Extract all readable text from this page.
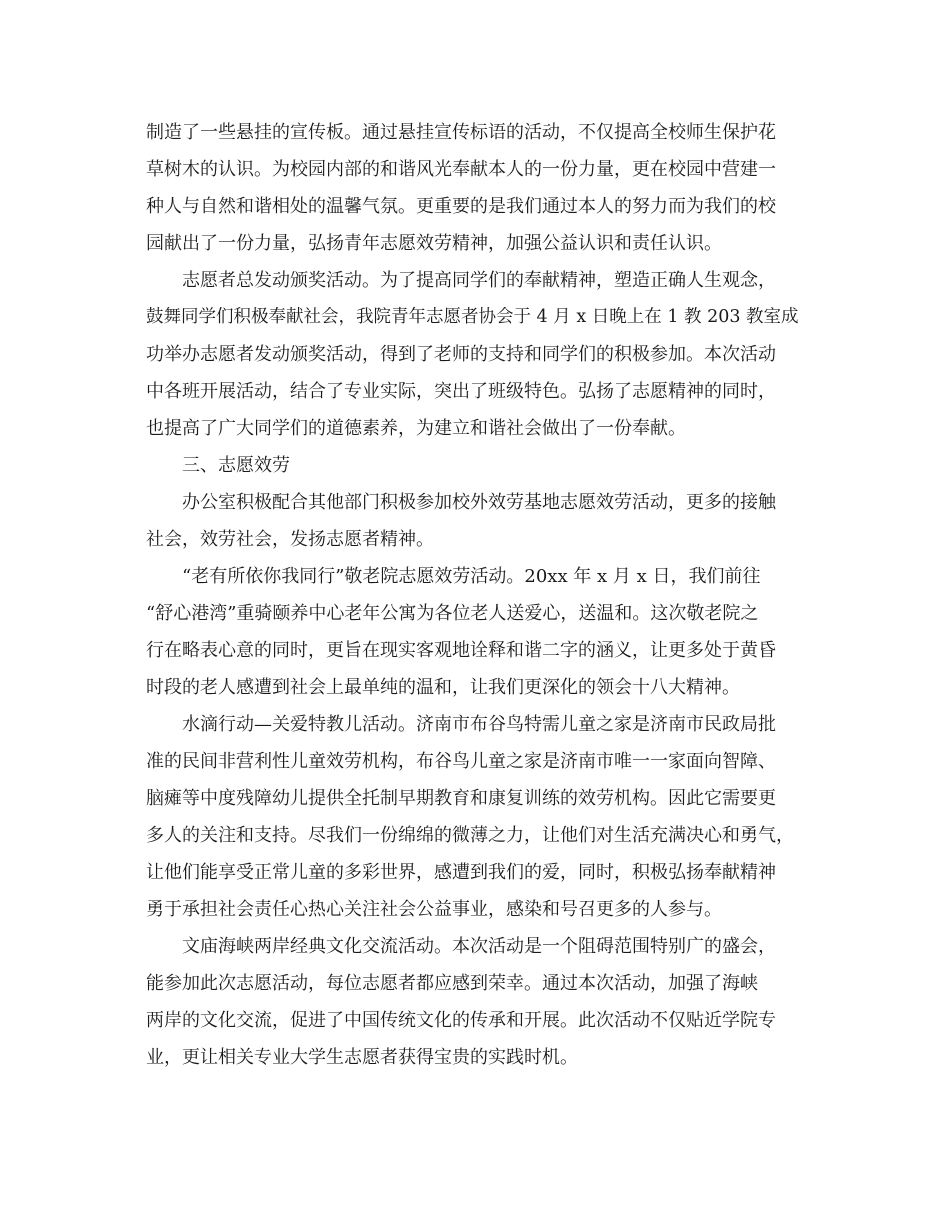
制造了一些悬挂的宣传板。通过悬挂宣传标语的活动，不仅提高全校师生保护花
草树木的认识。为校园内部的和谐风光奉献本人的一份力量，更在校园中营建一
种人与自然和谐相处的温馨气氛。更重要的是我们通过本人的努力而为我们的校
园献出了一份力量，弘扬青年志愿效劳精神，加强公益认识和责任认识。
志愿者总发动颁奖活动。为了提高同学们的奉献精神，塑造正确人生观念，
鼓舞同学们积极奉献社会，我院青年志愿者协会于 4 月 x 日晚上在 1 教 203 教室成
功举办志愿者发动颁奖活动，得到了老师的支持和同学们的积极参加。本次活动
中各班开展活动，结合了专业实际，突出了班级特色。弘扬了志愿精神的同时，
也提高了广大同学们的道德素养，为建立和谐社会做出了一份奉献。
三、志愿效劳
办公室积极配合其他部门积极参加校外效劳基地志愿效劳活动，更多的接触
社会，效劳社会，发扬志愿者精神。
“老有所依你我同行”敬老院志愿效劳活动。20xx 年 x 月 x 日，我们前往
“舒心港湾”重骑颐养中心老年公寓为各位老人送爱心，送温和。这次敬老院之
行在略表心意的同时，更旨在现实客观地诠释和谐二字的涵义，让更多处于黄昏
时段的老人感遭到社会上最单纯的温和，让我们更深化的领会十八大精神。
水滴行动—关爱特教儿活动。济南市布谷鸟特需儿童之家是济南市民政局批
准的民间非营利性儿童效劳机构，布谷鸟儿童之家是济南市唯一一家面向智障、
脑瘫等中度残障幼儿提供全托制早期教育和康复训练的效劳机构。因此它需要更
多人的关注和支持。尽我们一份绵绵的微薄之力，让他们对生活充满决心和勇气，
让他们能享受正常儿童的多彩世界，感遭到我们的爱，同时，积极弘扬奉献精神
勇于承担社会责任心热心关注社会公益事业，感染和号召更多的人参与。
文庙海峡两岸经典文化交流活动。本次活动是一个阻碍范围特别广的盛会，
能参加此次志愿活动，每位志愿者都应感到荣幸。通过本次活动，加强了海峡
两岸的文化交流，促进了中国传统文化的传承和开展。此次活动不仅贴近学院专
业，更让相关专业大学生志愿者获得宝贵的实践时机。
